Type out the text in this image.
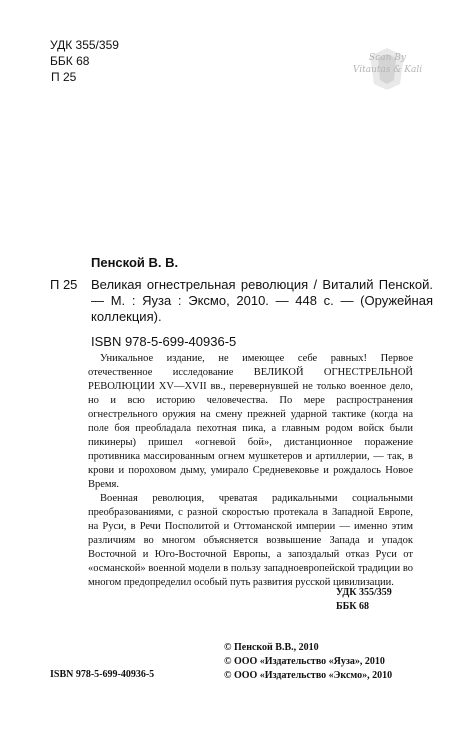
УДК 355/359
ББК 68
П 25
Scan By
Vitautas & Kali
Пенской В. В.
П 25 Великая огнестрельная революция / Виталий Пенской. — М. : Яуза : Эксмо, 2010. — 448 с. — (Оружейная коллекция).
ISBN 978-5-699-40936-5

Уникальное издание, не имеющее себе равных! Первое отечественное исследование ВЕЛИКОЙ ОГНЕСТРЕЛЬНОЙ РЕВОЛЮЦИИ XV—XVII вв., перевернувшей не только военное дело, но и всю историю человечества. По мере распространения огнестрельного оружия на смену прежней ударной тактике (когда на поле боя преобладала пехотная пика, а главным родом войск были пикинеры) пришел «огневой бой», дистанционное поражение противника массированным огнем мушкетеров и артиллерии, — так, в крови и пороховом дыму, умирало Средневековье и рождалось Новое Время.

Военная революция, чреватая радикальными социальными преобразованиями, с разной скоростью протекала в Западной Европе, на Руси, в Речи Посполитой и Оттоманской империи — именно этим различиям во многом объясняется возвышение Запада и упадок Восточной и Юго-Восточной Европы, а запоздалый отказ Руси от «османской» военной модели в пользу западноевропейской традиции во многом предопределил особый путь развития русской цивилизации.

УДК 355/359
ББК 68
© Пенской В.В., 2010
© ООО «Издательство «Яуза», 2010
© ООО «Издательство «Эксмо», 2010
ISBN 978-5-699-40936-5
